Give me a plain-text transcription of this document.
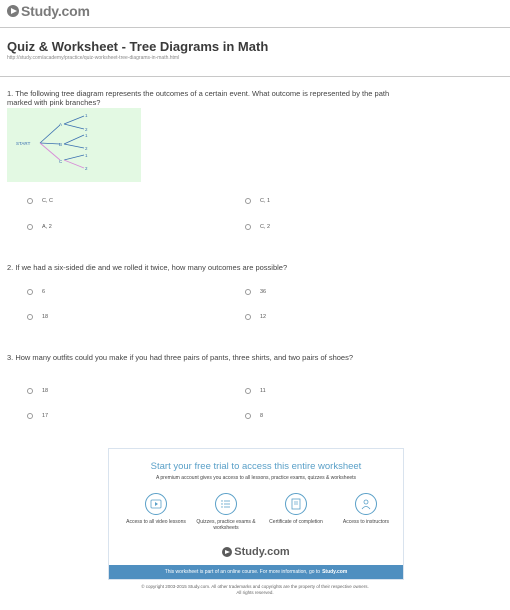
Study.com
Quiz & Worksheet - Tree Diagrams in Math
http://study.com/academy/practice/quiz-worksheet-tree-diagrams-in-math.html
1. The following tree diagram represents the outcomes of a certain event. What outcome is represented by the path marked with pink branches?
START
A
B
C
1
2
1
2
1
2
C, C	C, 1
A, 2	C, 2
2. If we had a six-sided die and we rolled it twice, how many outcomes are possible?
6	36
18	12
3. How many outfits could you make if you had three pairs of pants, three shirts, and two pairs of shoes?
18	11
17	8
Start your free trial to access this entire worksheet
A premium account gives you access to all lessons, practice exams, quizzes & worksheets
Access to all video lessons	Quizzes, practice exams & worksheets
Certificate of completion	Access to instructors
Study.com
This worksheet is part of an online course. For more information, go to Study.com
© copyright 2003-2015 Study.com. All other trademarks and copyrights are the property of their respective owners.
All rights reserved.
